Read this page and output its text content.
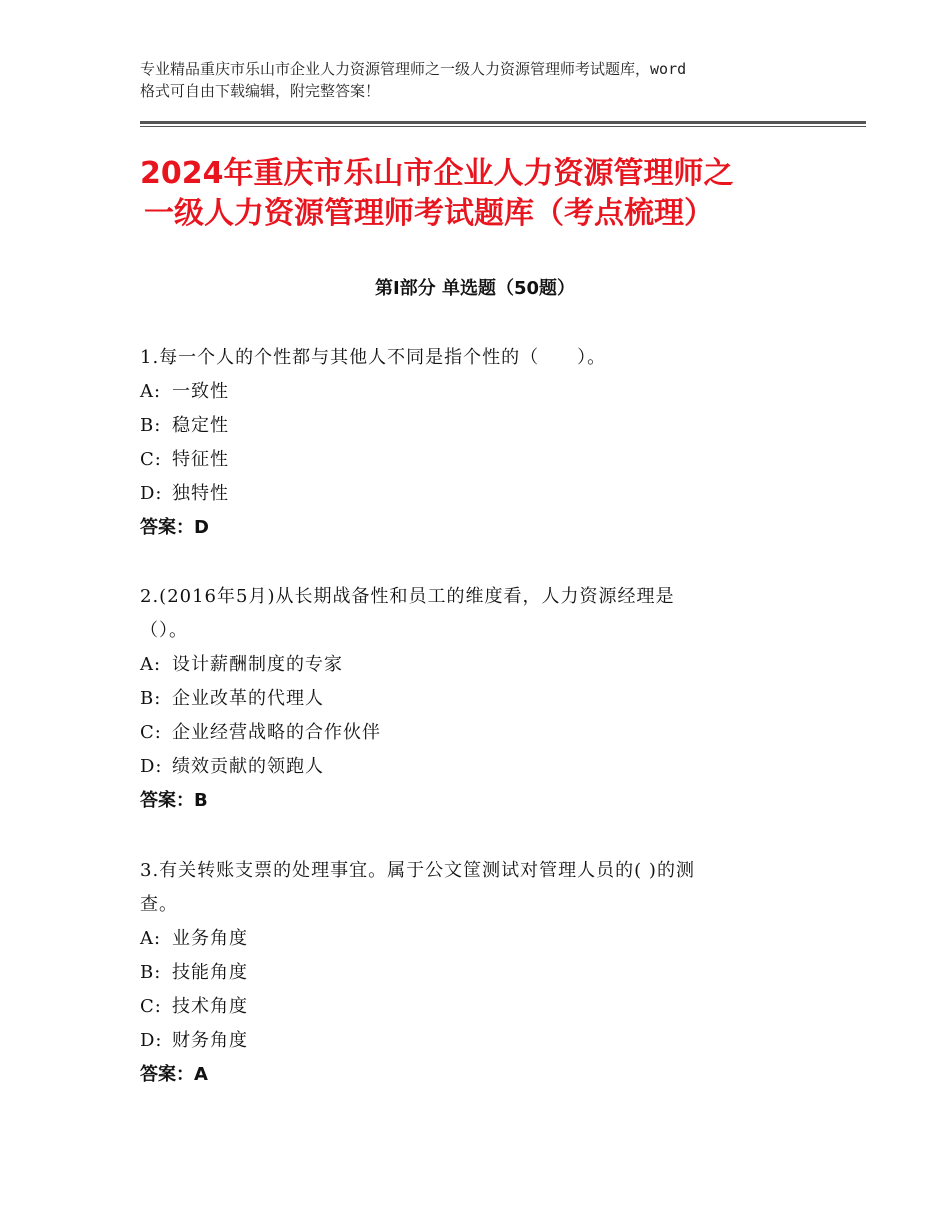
专业精品重庆市乐山市企业人力资源管理师之一级人力资源管理师考试题库，word
格式可自由下载编辑，附完整答案！
2024年重庆市乐山市企业人力资源管理师之
一级人力资源管理师考试题库（考点梳理）
第Ⅰ部分 单选题（50题）

1.每一个人的个性都与其他人不同是指个性的（　　）。

A: 一致性

B: 稳定性

C: 特征性

D: 独特性

答案：D

2.(2016年5月)从长期战备性和员工的维度看，人力资源经理是

（）。

A: 设计薪酬制度的专家

B: 企业改革的代理人

C: 企业经营战略的合作伙伴

D: 绩效贡献的领跑人

答案：B

3.有关转账支票的处理事宜。属于公文筐测试对管理人员的( )的测

查。

A: 业务角度

B: 技能角度

C: 技术角度

D: 财务角度

答案：A
